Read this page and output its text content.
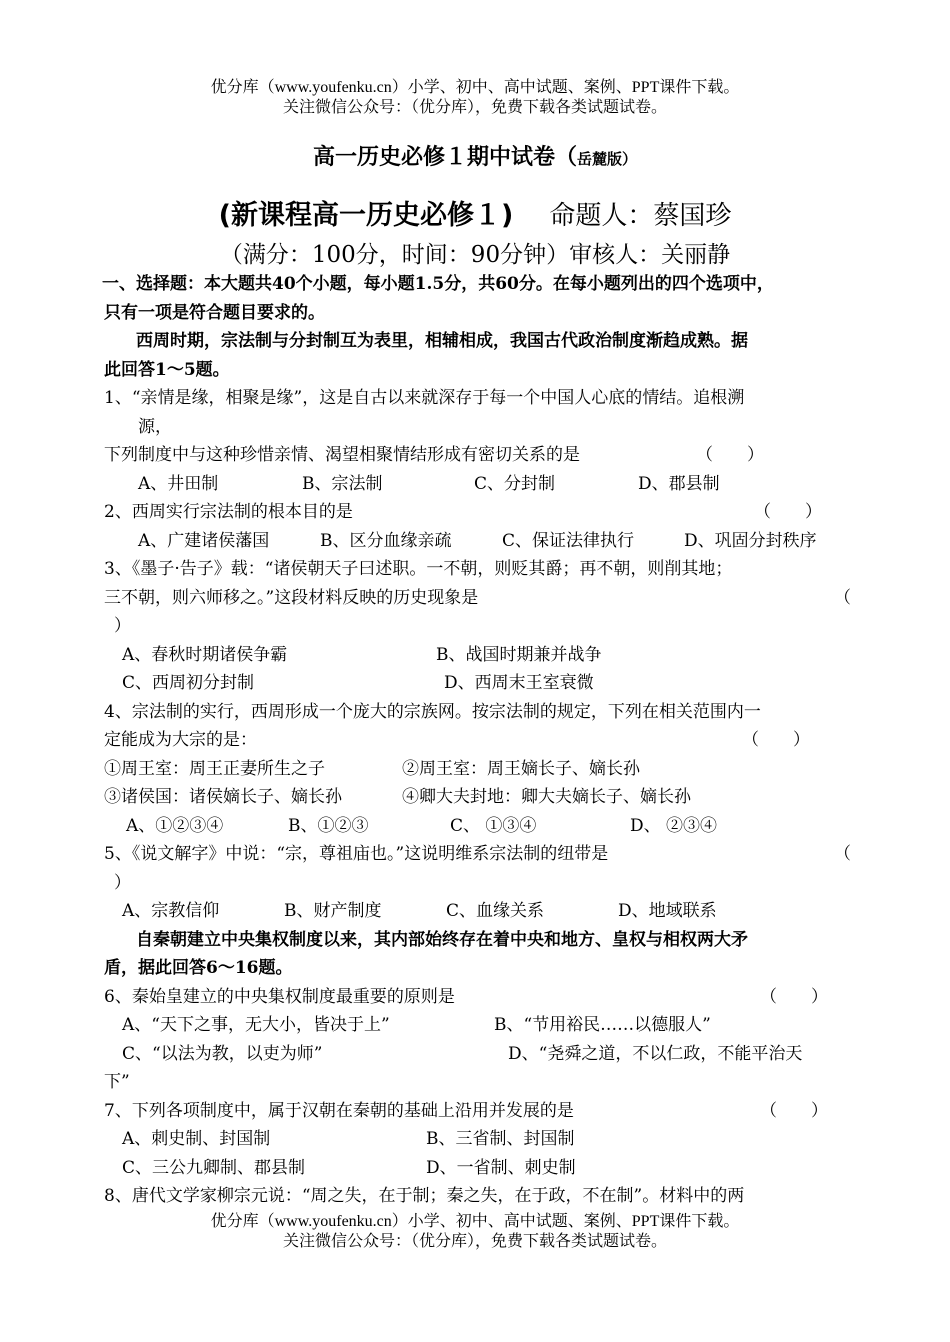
优分库（www.youfenku.cn）小学、初中、高中试题、案例、PPT课件下载。
关注微信公众号：（优分库），免费下载各类试题试卷。
高一历史必修１期中试卷（岳麓版）
(新课程高一历史必修１) 命题人：蔡国珍
（满分：100分，时间：90分钟）审核人：关丽静
一、选择题：本大题共40个小题，每小题1.5分，共60分。在每小题列出的四个选项中，
只有一项是符合题目要求的。
西周时期，宗法制与分封制互为表里，相辅相成，我国古代政治制度渐趋成熟。据
此回答1～5题。
1、“亲情是缘，相聚是缘”，这是自古以来就深存于每一个中国人心底的情结。追根溯
源，
下列制度中与这种珍惜亲情、渴望相聚情结形成有密切关系的是	（　　）
A、井田制	B、宗法制	C、分封制	D、郡县制
2、西周实行宗法制的根本目的是	（　　）
A、广建诸侯藩国	B、区分血缘亲疏	C、保证法律执行	D、巩固分封秩序
3、《墨子·告子》载：“诸侯朝天子曰述职。一不朝，则贬其爵；再不朝，则削其地；
三不朝，则六师移之。”这段材料反映的历史现象是	（
）
A、春秋时期诸侯争霸	B、战国时期兼并战争
C、西周初分封制	D、西周末王室衰微
4、宗法制的实行，西周形成一个庞大的宗族网。按宗法制的规定，下列在相关范围内一
定能成为大宗的是：	（　　）
①周王室：周王正妻所生之子	②周王室：周王嫡长子、嫡长孙
③诸侯国：诸侯嫡长子、嫡长孙	④卿大夫封地：卿大夫嫡长子、嫡长孙
A、①②③④	B、①②③	C、 ①③④	D、 ②③④
5、《说文解字》中说：“宗，尊祖庙也。”这说明维系宗法制的纽带是	（
）
A、宗教信仰	B、财产制度	C、血缘关系	D、地域联系
自秦朝建立中央集权制度以来，其内部始终存在着中央和地方、皇权与相权两大矛
盾，据此回答6～16题。
6、秦始皇建立的中央集权制度最重要的原则是	（　　）
A、“天下之事，无大小，皆决于上”	B、“节用裕民……以德服人”
C、“以法为教，以吏为师”	D、“尧舜之道，不以仁政，不能平治天
下”
7、下列各项制度中，属于汉朝在秦朝的基础上沿用并发展的是	（　　）
A、刺史制、封国制	B、三省制、封国制
C、三公九卿制、郡县制	D、一省制、刺史制
8、唐代文学家柳宗元说：“周之失，在于制；秦之失，在于政，不在制”。材料中的两
优分库（www.youfenku.cn）小学、初中、高中试题、案例、PPT课件下载。
关注微信公众号：（优分库），免费下载各类试题试卷。
